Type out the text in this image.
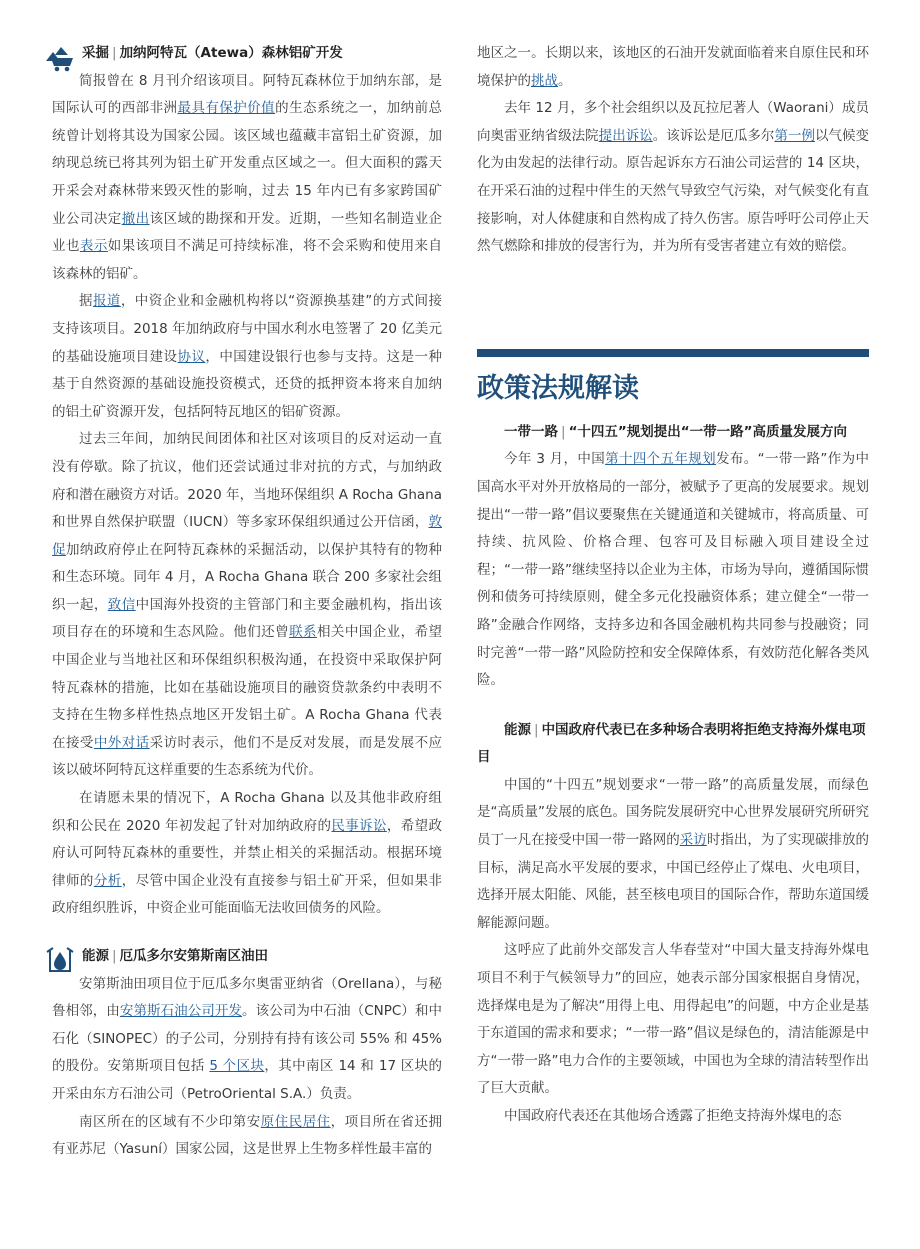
采掘 | 加纳阿特瓦（Atewa）森林铝矿开发

简报曾在 8 月刊介绍该项目。阿特瓦森林位于加纳东部，是国际认可的西部非洲最具有保护价值的生态系统之一，加纳前总统曾计划将其设为国家公园。该区域也蕴藏丰富铝土矿资源，加纳现总统已将其列为铝土矿开发重点区域之一。但大面积的露天开采会对森林带来毁灭性的影响，过去 15 年内已有多家跨国矿业公司决定撤出该区域的勘探和开发。近期，一些知名制造业企业也表示如果该项目不满足可持续标准，将不会采购和使用来自该森林的铝矿。

据报道，中资企业和金融机构将以“资源换基建”的方式间接支持该项目。2018 年加纳政府与中国水利水电签署了 20 亿美元的基础设施项目建设协议，中国建设银行也参与支持。这是一种基于自然资源的基础设施投资模式，还贷的抵押资本将来自加纳的铝土矿资源开发，包括阿特瓦地区的铝矿资源。

过去三年间，加纳民间团体和社区对该项目的反对运动一直没有停歇。除了抗议，他们还尝试通过非对抗的方式，与加纳政府和潜在融资方对话。2020 年，当地环保组织 A Rocha Ghana 和世界自然保护联盟（IUCN）等多家环保组织通过公开信函，敦促加纳政府停止在阿特瓦森林的采掘活动，以保护其特有的物种和生态环境。同年 4 月，A Rocha Ghana 联合 200 多家社会组织一起，致信中国海外投资的主管部门和主要金融机构，指出该项目存在的环境和生态风险。他们还曾联系相关中国企业，希望中国企业与当地社区和环保组织积极沟通，在投资中采取保护阿特瓦森林的措施，比如在基础设施项目的融资贷款条约中表明不支持在生物多样性热点地区开发铝土矿。A Rocha Ghana 代表在接受中外对话采访时表示，他们不是反对发展，而是发展不应该以破坏阿特瓦这样重要的生态系统为代价。

在请愿未果的情况下，A Rocha Ghana 以及其他非政府组织和公民在 2020 年初发起了针对加纳政府的民事诉讼，希望政府认可阿特瓦森林的重要性，并禁止相关的采掘活动。根据环境律师的分析，尽管中国企业没有直接参与铝土矿开采，但如果非政府组织胜诉，中资企业可能面临无法收回债务的风险。

能源 | 厄瓜多尔安第斯南区油田

安第斯油田项目位于厄瓜多尔奥雷亚纳省（Orellana），与秘鲁相邻，由安第斯石油公司开发。该公司为中石油（CNPC）和中石化（SINOPEC）的子公司，分别持有持有该公司 55% 和 45% 的股份。安第斯项目包括 5 个区块，其中南区 14 和 17 区块的开采由东方石油公司（PetroOriental S.A.）负责。

南区所在的区域有不少印第安原住民居住，项目所在省还拥有亚苏尼（Yasuní）国家公园，这是世界上生物多样性最丰富的

地区之一。长期以来，该地区的石油开发就面临着来自原住民和环境保护的挑战。

去年 12 月，多个社会组织以及瓦拉尼著人（Waorani）成员向奥雷亚纳省级法院提出诉讼。该诉讼是厄瓜多尔第一例以气候变化为由发起的法律行动。原告起诉东方石油公司运营的 14 区块，在开采石油的过程中伴生的天然气导致空气污染，对气候变化有直接影响，对人体健康和自然构成了持久伤害。原告呼吁公司停止天然气燃除和排放的侵害行为，并为所有受害者建立有效的赔偿。

政策法规解读
一带一路 | “十四五”规划提出“一带一路”高质量发展方向

今年 3 月，中国第十四个五年规划发布。“一带一路”作为中国高水平对外开放格局的一部分，被赋予了更高的发展要求。规划提出“一带一路”倡议要聚焦在关键通道和关键城市，将高质量、可持续、抗风险、价格合理、包容可及目标融入项目建设全过程；“一带一路”继续坚持以企业为主体，市场为导向，遵循国际惯例和债务可持续原则，健全多元化投融资体系；建立健全“一带一路”金融合作网络，支持多边和各国金融机构共同参与投融资；同时完善“一带一路”风险防控和安全保障体系，有效防范化解各类风险。

能源 | 中国政府代表已在多种场合表明将拒绝支持海外煤电项目

中国的“十四五”规划要求“一带一路”的高质量发展，而绿色是“高质量”发展的底色。国务院发展研究中心世界发展研究所研究员丁一凡在接受中国一带一路网的采访时指出，为了实现碳排放的目标，满足高水平发展的要求，中国已经停止了煤电、火电项目，选择开展太阳能、风能，甚至核电项目的国际合作，帮助东道国缓解能源问题。

这呼应了此前外交部发言人华春莹对“中国大量支持海外煤电项目不利于气候领导力”的回应，她表示部分国家根据自身情况，选择煤电是为了解决“用得上电、用得起电”的问题，中方企业是基于东道国的需求和要求；“一带一路”倡议是绿色的，清洁能源是中方“一带一路”电力合作的主要领域，中国也为全球的清洁转型作出了巨大贡献。

中国政府代表还在其他场合透露了拒绝支持海外煤电的态
